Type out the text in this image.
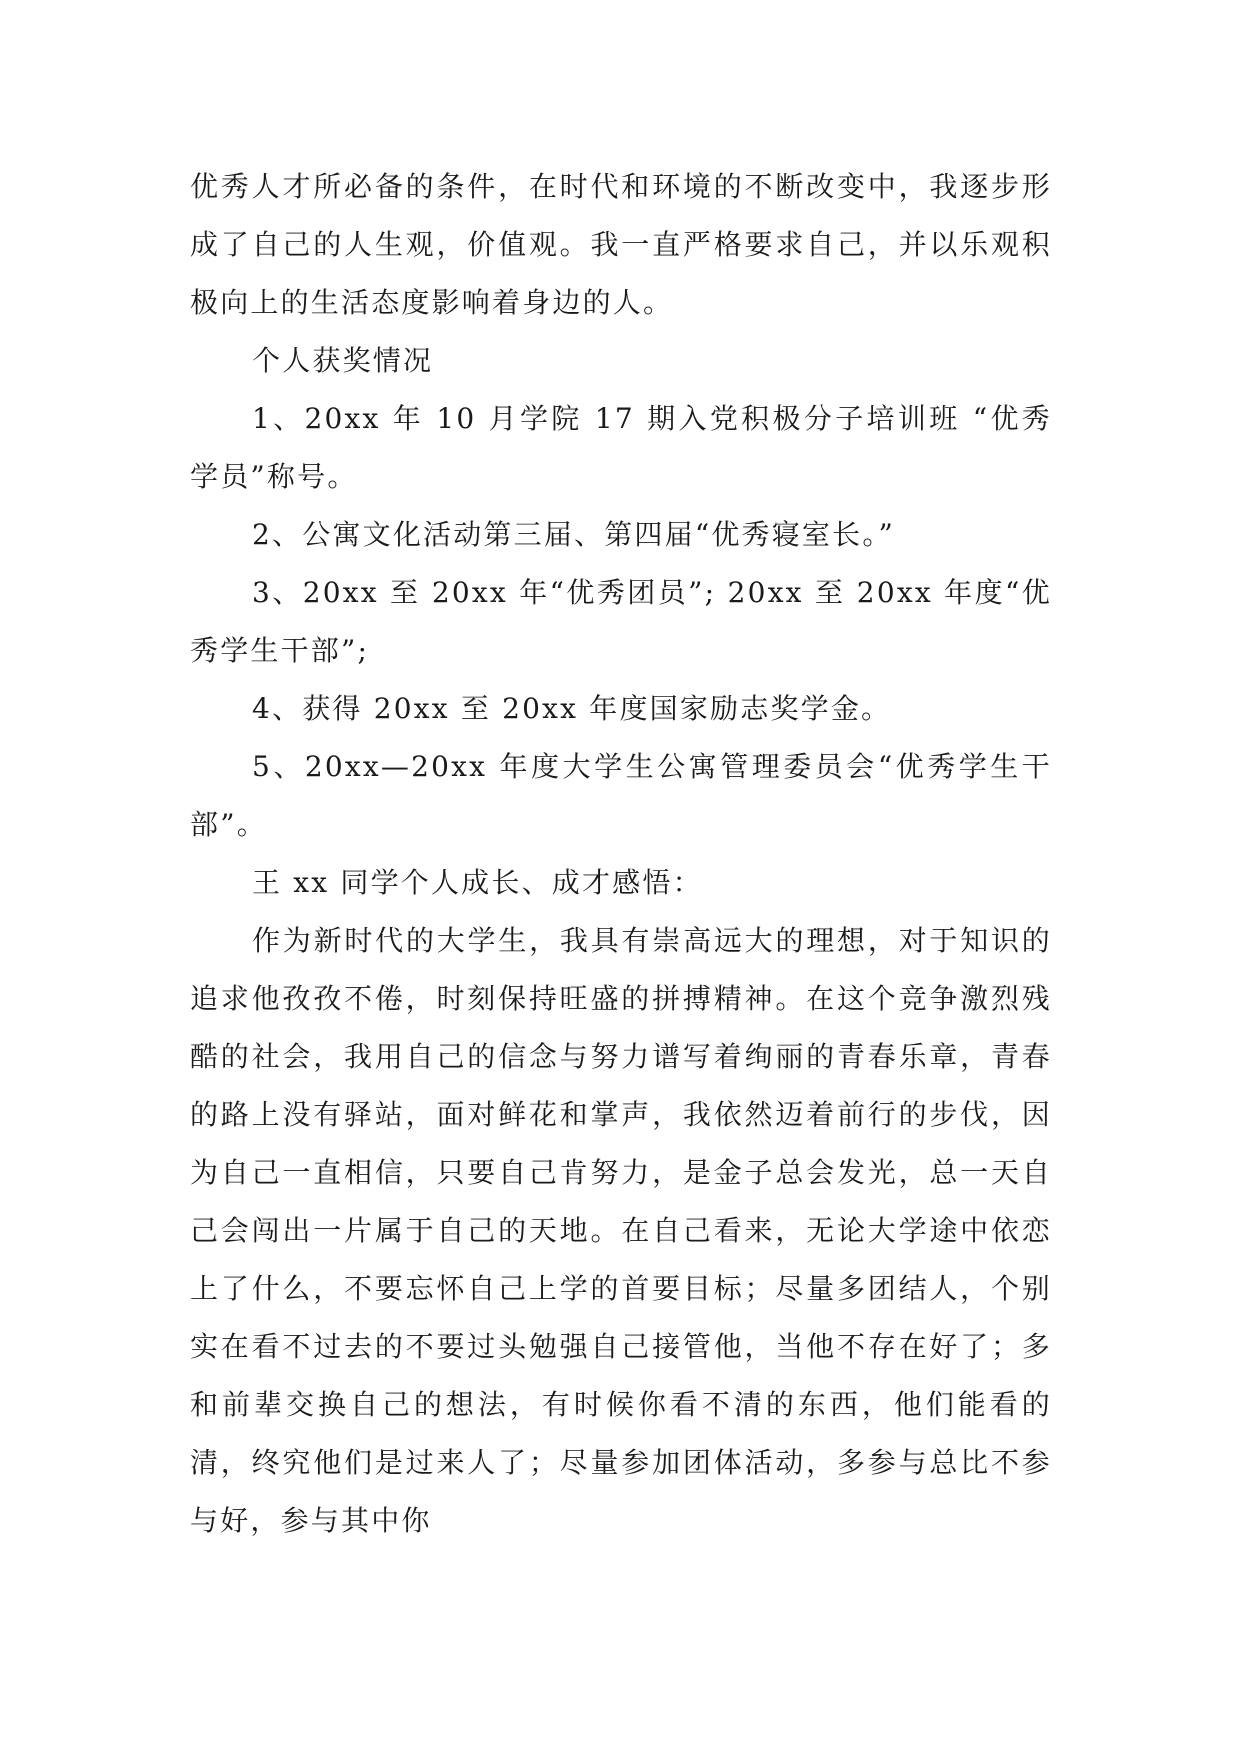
优秀人才所必备的条件，在时代和环境的不断改变中，我逐步形成了自己的人生观，价值观。我一直严格要求自己，并以乐观积极向上的生活态度影响着身边的人。

个人获奖情况

1、20xx 年 10 月学院 17 期入党积极分子培训班 “优秀学员”称号。

2、公寓文化活动第三届、第四届“优秀寝室长。”

3、20xx 至 20xx 年“优秀团员”; 20xx 至 20xx 年度“优秀学生干部”;

4、获得 20xx 至 20xx 年度国家励志奖学金。

5、20xx—20xx 年度大学生公寓管理委员会“优秀学生干部”。

王 xx 同学个人成长、成才感悟：

作为新时代的大学生，我具有崇高远大的理想，对于知识的追求他孜孜不倦，时刻保持旺盛的拼搏精神。在这个竞争激烈残酷的社会，我用自己的信念与努力谱写着绚丽的青春乐章，青春的路上没有驿站，面对鲜花和掌声，我依然迈着前行的步伐，因为自己一直相信，只要自己肯努力，是金子总会发光，总一天自己会闯出一片属于自己的天地。在自己看来，无论大学途中依恋上了什么，不要忘怀自己上学的首要目标；尽量多团结人，个别实在看不过去的不要过头勉强自己接管他，当他不存在好了；多和前辈交换自己的想法，有时候你看不清的东西，他们能看的清，终究他们是过来人了；尽量参加团体活动，多参与总比不参与好，参与其中你
